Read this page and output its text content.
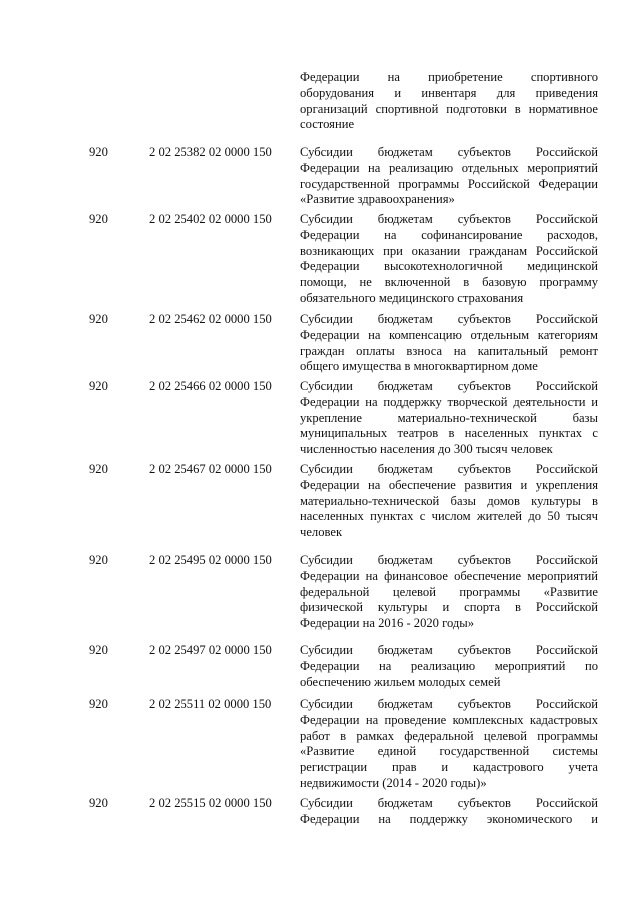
Федерации на приобретение спортивного
оборудования и инвентаря для приведения
организаций спортивной подготовки в нормативное
состояние
920	2 02 25382 02 0000 150 Субсидии бюджетам субъектов Российской
Федерации на реализацию отдельных мероприятий
государственной программы Российской Федерации
«Развитие здравоохранения»
920	2 02 25402 02 0000 150 Субсидии бюджетам субъектов Российской
Федерации на софинансирование расходов,
возникающих при оказании гражданам Российской
Федерации высокотехнологичной медицинской
помощи, не включенной в базовую программу
обязательного медицинского страхования
920	2 02 25462 02 0000 150 Субсидии бюджетам субъектов Российской
Федерации на компенсацию отдельным категориям
граждан оплаты взноса на капитальный ремонт
общего имущества в многоквартирном доме
920	2 02 25466 02 0000 150 Субсидии бюджетам субъектов Российской
Федерации на поддержку творческой деятельности и
укрепление материально-технической базы
муниципальных театров в населенных пунктах с
численностью населения до 300 тысяч человек
920	2 02 25467 02 0000 150 Субсидии бюджетам субъектов Российской
Федерации на обеспечение развития и укрепления
материально-технической базы домов культуры в
населенных пунктах с числом жителей до 50 тысяч
человек
920	2 02 25495 02 0000 150 Субсидии бюджетам субъектов Российской
Федерации на финансовое обеспечение мероприятий
федеральной целевой программы «Развитие
физической культуры и спорта в Российской
Федерации на 2016 - 2020 годы»
920	2 02 25497 02 0000 150 Субсидии бюджетам субъектов Российской
Федерации на реализацию мероприятий по
обеспечению жильем молодых семей
920	2 02 25511 02 0000 150 Субсидии бюджетам субъектов Российской
Федерации на проведение комплексных кадастровых
работ в рамках федеральной целевой программы
«Развитие единой государственной системы
регистрации прав и кадастрового учета
недвижимости (2014 - 2020 годы)»
920	2 02 25515 02 0000 150 Субсидии бюджетам субъектов Российской
Федерации на поддержку экономического и
